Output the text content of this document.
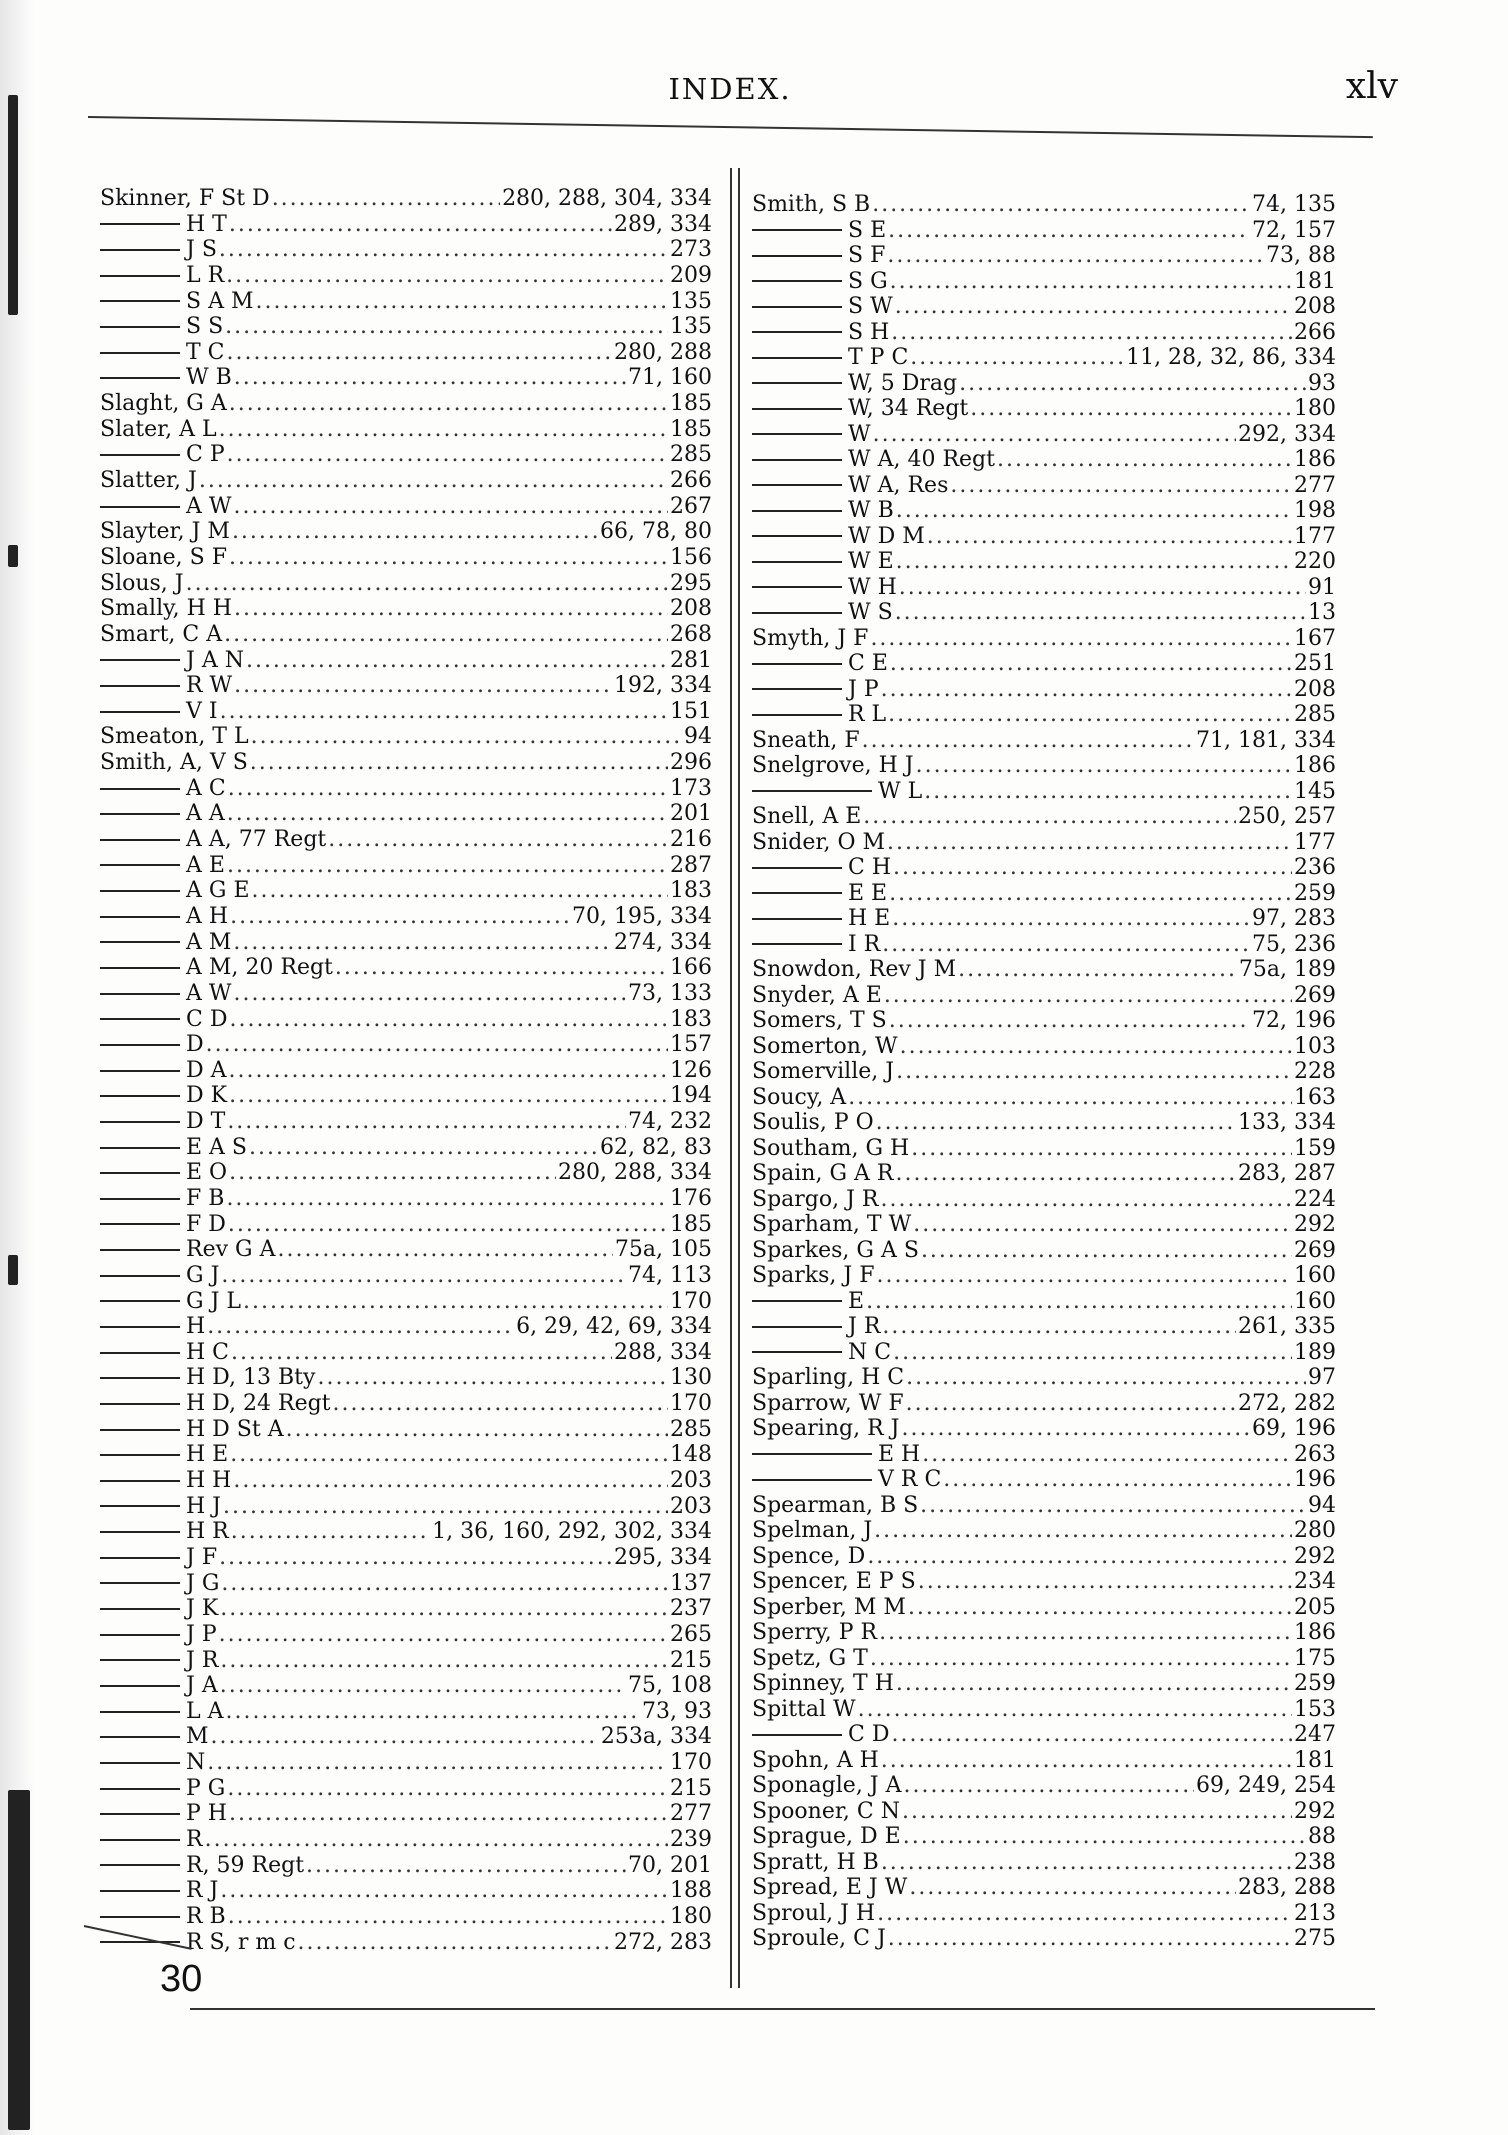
INDEX.	xlv
Skinner, F St D .....	280, 288, 304, 334
H T .....	289, 334
J S .....	273
L R .....	209
S A M .....	135
S S .....	135
T C .....	280, 288
W B .....	71, 160
Slaght, G A .....	185
Slater, A L .....	185
C P .....	285
Slatter, J .....	266
A W .....	267
Slayter, J M .....	66, 78, 80
Sloane, S F .....	156
Slous, J .....	295
Smally, H H .....	208
Smart, C A .....	268
J A N .....	281
R W .....	192, 334
V I .....	151
Smeaton, T L .....	94
Smith, A, V S .....	296
A C .....	173
A A .....	201
A A, 77 Regt .....	216
A E .....	287
A G E .....	183
A H .....	70, 195, 334
A M .....	274, 334
A M, 20 Regt .....	166
A W .....	73, 133
C D .....	183
D .....	157
D A .....	126
D K .....	194
D T .....	74, 232
E A S .....	62, 82, 83
E O .....	280, 288, 334
F B .....	176
F D .....	185
Rev G A .....	75a, 105
G J .....	74, 113
G J L .....	170
H .....	6, 29, 42, 69, 334
H C .....	288, 334
H D, 13 Bty .....	130
H D, 24 Regt .....	170
H D St A .....	285
H E .....	148
H H .....	203
H J .....	203
H R .....	1, 36, 160, 292, 302, 334
J F .....	295, 334
J G .....	137
J K .....	237
J P .....	265
J R .....	215
J A .....	75, 108
L A .....	73, 93
M .....	253a, 334
N .....	170
P G .....	215
P H .....	277
R .....	239
R, 59 Regt .....	70, 201
R J .....	188
R B .....	180
R S, r m c .....	272, 283
Smith, S B .....	74, 135
S E .....	72, 157
S F .....	73, 88
S G .....	181
S W .....	208
S H .....	266
T P C .....	11, 28, 32, 86, 334
W, 5 Drag .....	93
W, 34 Regt .....	180
W .....	292, 334
W A, 40 Regt .....	186
W A, Res .....	277
W B .....	198
W D M .....	177
W E .....	220
W H .....	91
W S .....	13
Smyth, J F .....	167
C E .....	251
J P .....	208
R L .....	285
Sneath, F .....	71, 181, 334
Snelgrove, H J .....	186
W L .....	145
Snell, A E .....	250, 257
Snider, O M .....	177
C H .....	236
E E .....	259
H E .....	97, 283
I R .....	75, 236
Snowdon, Rev J M .....	75a, 189
Snyder, A E .....	269
Somers, T S .....	72, 196
Somerton, W .....	103
Somerville, J .....	228
Soucy, A .....	163
Soulis, P O .....	133, 334
Southam, G H .....	159
Spain, G A R .....	283, 287
Spargo, J R .....	224
Sparham, T W .....	292
Sparkes, G A S .....	269
Sparks, J F .....	160
E .....	160
J R .....	261, 335
N C .....	189
Sparling, H C .....	97
Sparrow, W F .....	272, 282
Spearing, R J .....	69, 196
E H .....	263
V R C .....	196
Spearman, B S .....	94
Spelman, J .....	280
Spence, D .....	292
Spencer, E P S .....	234
Sperber, M M .....	205
Sperry, P R .....	186
Spetz, G T .....	175
Spinney, T H .....	259
Spittal W .....	153
C D .....	247
Spohn, A H .....	181
Sponagle, J A .....	69, 249, 254
Spooner, C N .....	292
Sprague, D E .....	88
Spratt, H B .....	238
Spread, E J W .....	283, 288
Sproul, J H .....	213
Sproule, C J .....	275
30
